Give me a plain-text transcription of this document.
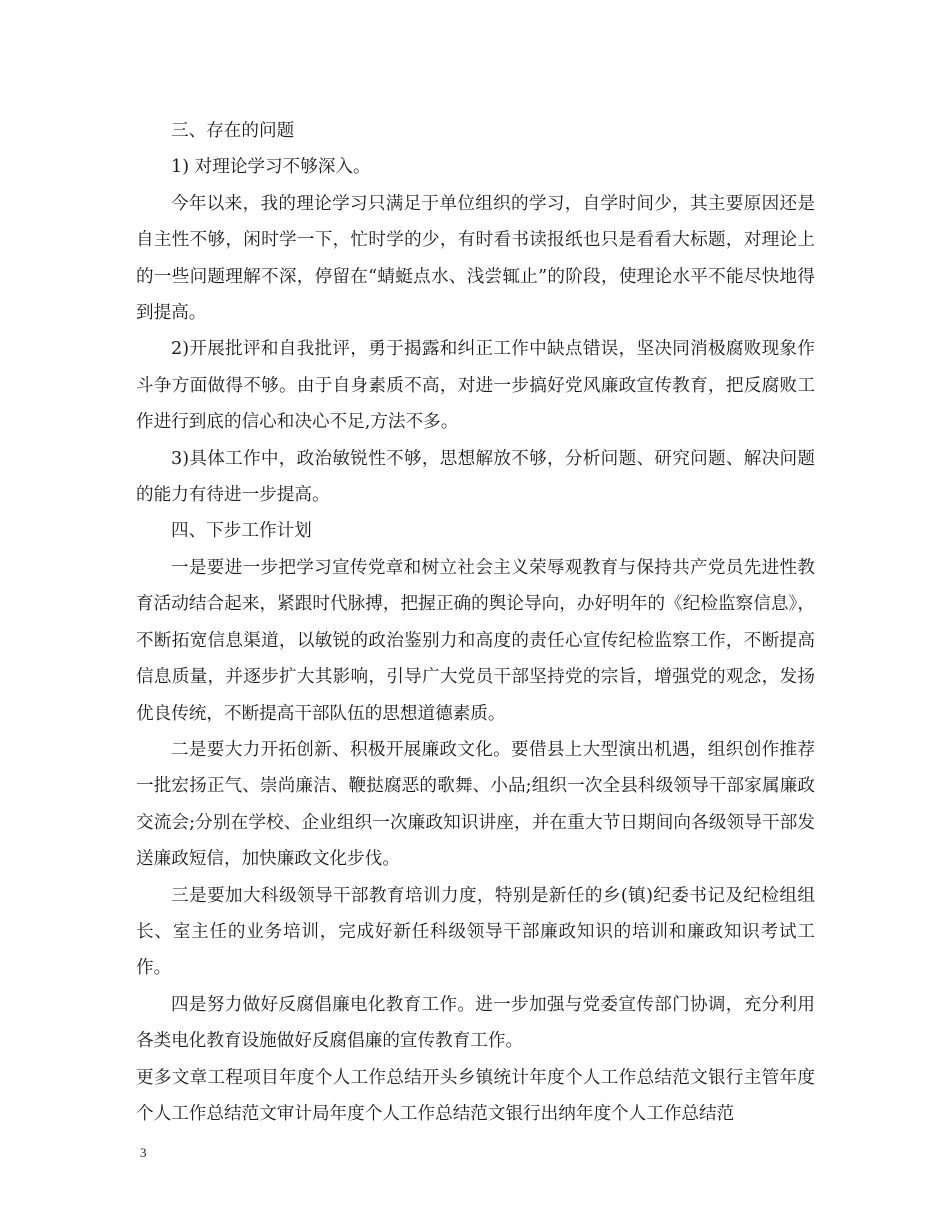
三、存在的问题

1) 对理论学习不够深入。

今年以来，我的理论学习只满足于单位组织的学习，自学时间少，其主要原因还是自主性不够，闲时学一下，忙时学的少，有时看书读报纸也只是看看大标题，对理论上的一些问题理解不深，停留在“蜻蜓点水、浅尝辄止”的阶段，使理论水平不能尽快地得到提高。

2)开展批评和自我批评，勇于揭露和纠正工作中缺点错误，坚决同消极腐败现象作斗争方面做得不够。由于自身素质不高，对进一步搞好党风廉政宣传教育，把反腐败工作进行到底的信心和决心不足,方法不多。

3)具体工作中，政治敏锐性不够，思想解放不够，分析问题、研究问题、解决问题的能力有待进一步提高。

四、下步工作计划

一是要进一步把学习宣传党章和树立社会主义荣辱观教育与保持共产党员先进性教育活动结合起来，紧跟时代脉搏，把握正确的舆论导向，办好明年的《纪检监察信息》，不断拓宽信息渠道，以敏锐的政治鉴别力和高度的责任心宣传纪检监察工作，不断提高信息质量，并逐步扩大其影响，引导广大党员干部坚持党的宗旨，增强党的观念，发扬优良传统，不断提高干部队伍的思想道德素质。

二是要大力开拓创新、积极开展廉政文化。要借县上大型演出机遇，组织创作推荐一批宏扬正气、崇尚廉洁、鞭挞腐恶的歌舞、小品;组织一次全县科级领导干部家属廉政交流会;分别在学校、企业组织一次廉政知识讲座，并在重大节日期间向各级领导干部发送廉政短信，加快廉政文化步伐。

三是要加大科级领导干部教育培训力度，特别是新任的乡(镇)纪委书记及纪检组组长、室主任的业务培训，完成好新任科级领导干部廉政知识的培训和廉政知识考试工作。

四是努力做好反腐倡廉电化教育工作。进一步加强与党委宣传部门协调，充分利用各类电化教育设施做好反腐倡廉的宣传教育工作。

更多文章工程项目年度个人工作总结开头乡镇统计年度个人工作总结范文银行主管年度个人工作总结范文审计局年度个人工作总结范文银行出纳年度个人工作总结范

3
